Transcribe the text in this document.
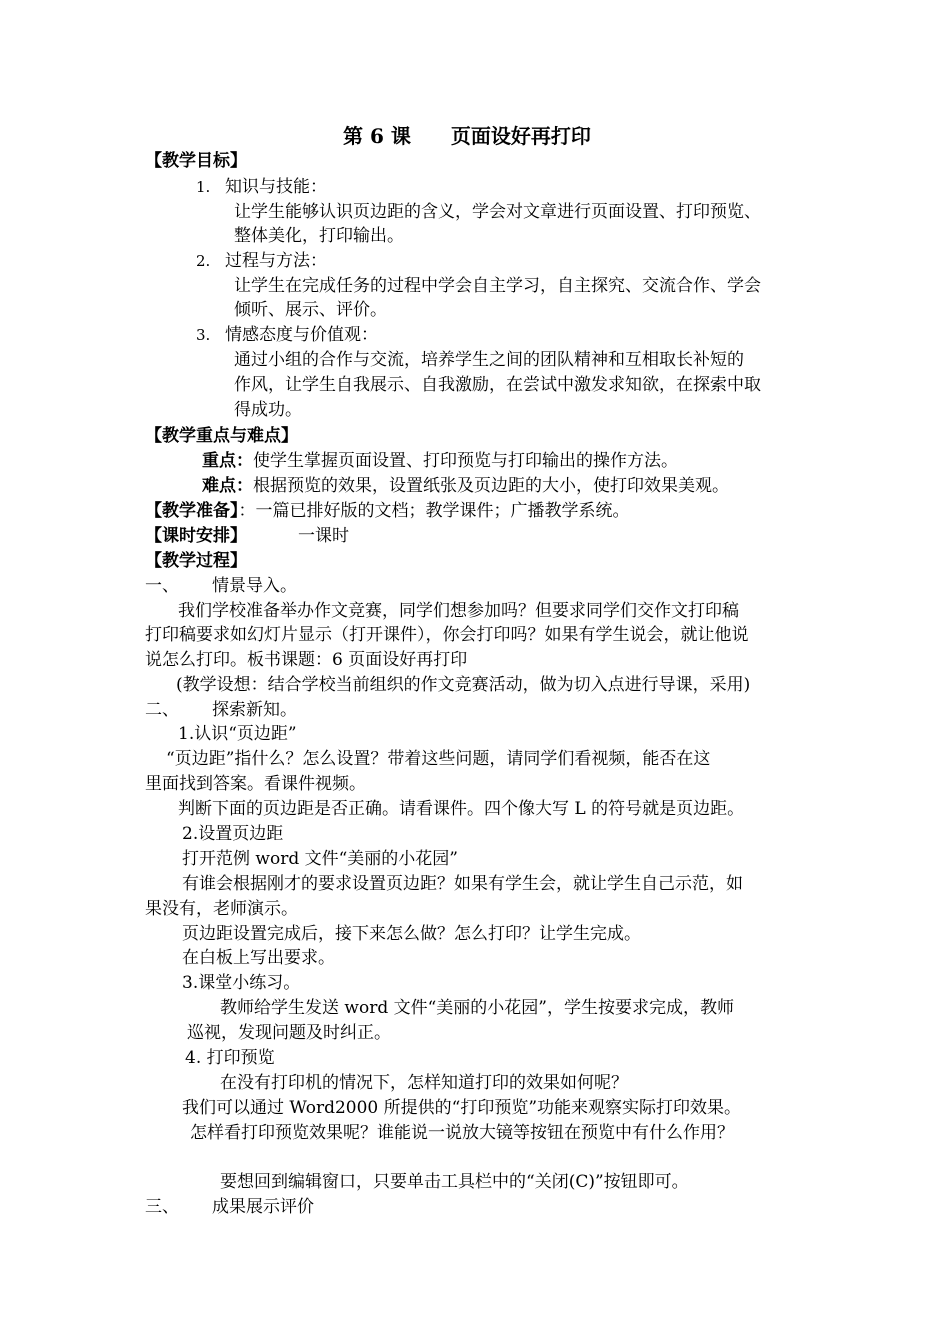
第 6 课　　页面设好再打印
【教学目标】
1. 知识与技能：
让学生能够认识页边距的含义，学会对文章进行页面设置、打印预览、
整体美化，打印输出。
2. 过程与方法：
让学生在完成任务的过程中学会自主学习，自主探究、交流合作、学会
倾听、展示、评价。
3. 情感态度与价值观：
通过小组的合作与交流，培养学生之间的团队精神和互相取长补短的
作风，让学生自我展示、自我激励，在尝试中激发求知欲，在探索中取
得成功。
【教学重点与难点】
重点：使学生掌握页面设置、打印预览与打印输出的操作方法。
难点：根据预览的效果，设置纸张及页边距的大小，使打印效果美观。
【教学准备】：一篇已排好版的文档；教学课件；广播教学系统。
【课时安排】	一课时
【教学过程】
一、 情景导入。
我们学校准备举办作文竞赛，同学们想参加吗？但要求同学们交作文打印稿
打印稿要求如幻灯片显示（打开课件），你会打印吗？如果有学生说会，就让他说
说怎么打印。板书课题：6 页面设好再打印
(教学设想：结合学校当前组织的作文竞赛活动，做为切入点进行导课，采用)
二、 探索新知。
1.认识“页边距”
“页边距”指什么？怎么设置？带着这些问题，请同学们看视频，能否在这
里面找到答案。看课件视频。
判断下面的页边距是否正确。请看课件。四个像大写 L 的符号就是页边距。
2.设置页边距
打开范例 word 文件“美丽的小花园”
有谁会根据刚才的要求设置页边距？如果有学生会，就让学生自己示范，如
果没有，老师演示。
页边距设置完成后，接下来怎么做？怎么打印？让学生完成。
在白板上写出要求。
3.课堂小练习。
教师给学生发送 word 文件“美丽的小花园”，学生按要求完成，教师
巡视，发现问题及时纠正。
4. 打印预览
在没有打印机的情况下，怎样知道打印的效果如何呢？
我们可以通过 Word2000 所提供的“打印预览”功能来观察实际打印效果。
怎样看打印预览效果呢？谁能说一说放大镜等按钮在预览中有什么作用？
要想回到编辑窗口，只要单击工具栏中的“关闭(C)”按钮即可。
三、 成果展示评价
